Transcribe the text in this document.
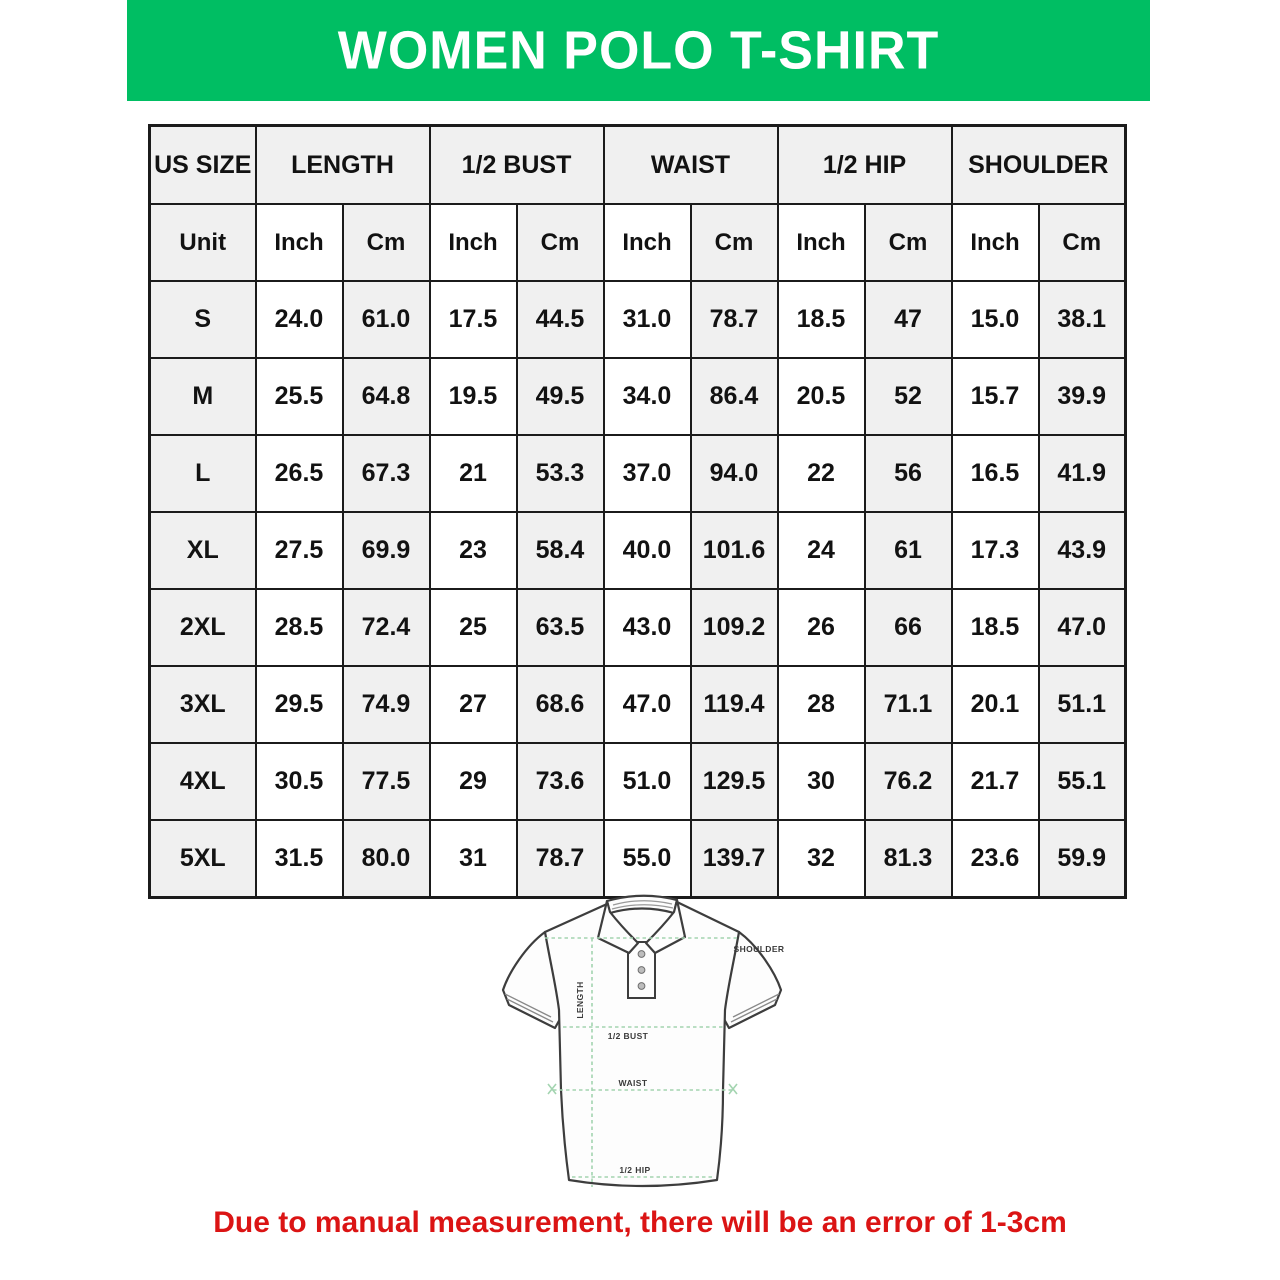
WOMEN POLO T-SHIRT
US SIZE	LENGTH		1/2 BUST		WAIST		1/2 HIP		SHOULDER	
Unit	Inch	Cm	Inch	Cm	Inch	Cm	Inch	Cm	Inch	Cm
S	24.0	61.0	17.5	44.5	31.0	78.7	18.5	47	15.0	38.1
M	25.5	64.8	19.5	49.5	34.0	86.4	20.5	52	15.7	39.9
L	26.5	67.3	21	53.3	37.0	94.0	22	56	16.5	41.9
XL	27.5	69.9	23	58.4	40.0	101.6	24	61	17.3	43.9
2XL	28.5	72.4	25	63.5	43.0	109.2	26	66	18.5	47.0
3XL	29.5	74.9	27	68.6	47.0	119.4	28	71.1	20.1	51.1
4XL	30.5	77.5	29	73.6	51.0	129.5	30	76.2	21.7	55.1
5XL	31.5	80.0	31	78.7	55.0	139.7	32	81.3	23.6	59.9
SHOULDER
LENGTH
1/2 BUST
WAIST
1/2 HIP
Due to manual measurement, there will be an error of 1-3cm
